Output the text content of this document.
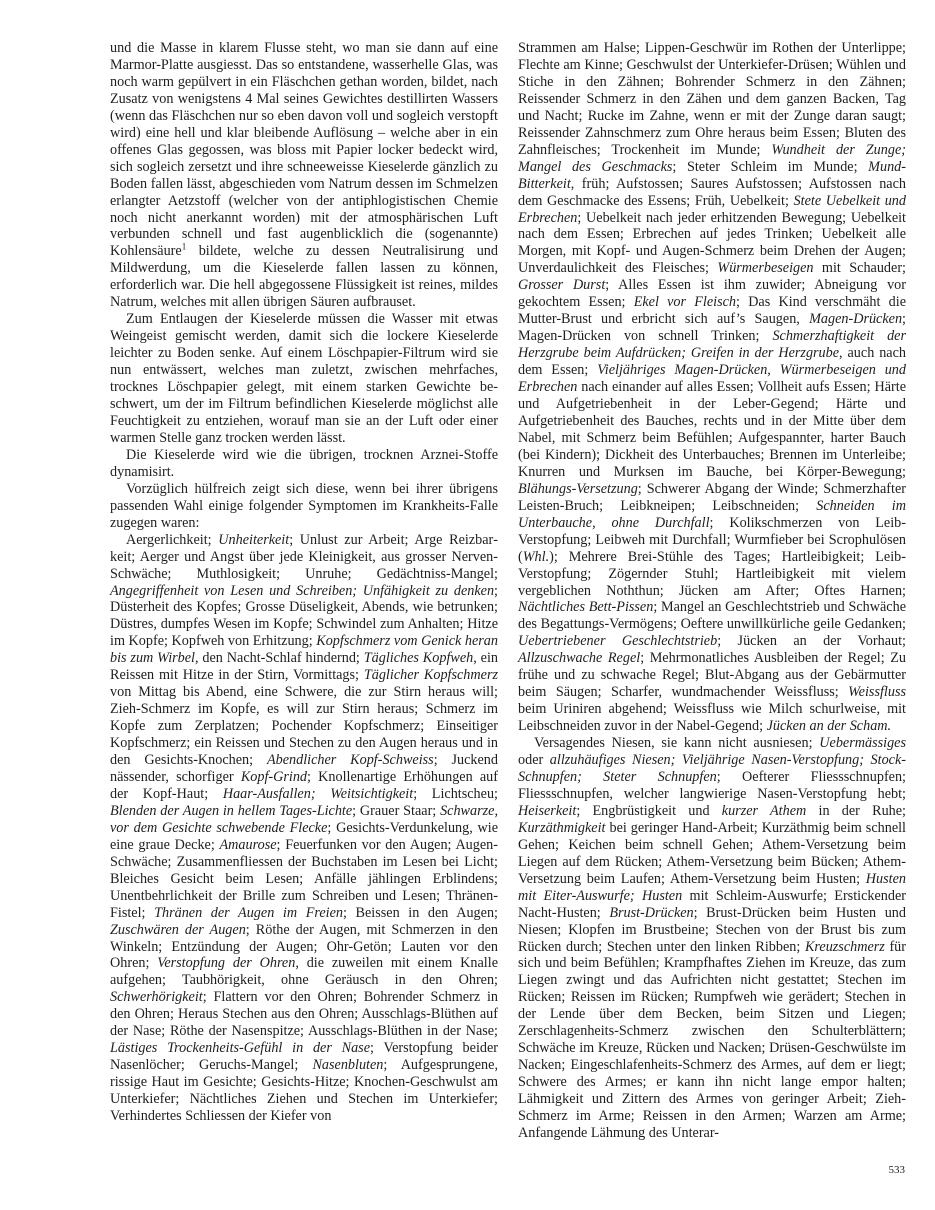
und die Masse in klarem Flusse steht, wo man sie dann auf eine Marmor-Platte ausgiesst. Das so entstandene, wasserhelle Glas, was noch warm gepülvert in ein Fläschchen gethan worden, bildet, nach Zusatz von wenigstens 4 Mal seines Gewichtes destillirten Wassers (wenn das Fläschchen nur so eben davon voll und sogleich verstopft wird) eine hell und klar bleibende Auflösung – welche aber in ein offenes Glas gegossen, was bloss mit Papier locker bedeckt wird, sich sogleich zersetzt und ihre schneeweisse Kieselerde gänzlich zu Boden fallen lässt, abgeschieden vom Natrum dessen im Schmelzen erlangter Aetzstoff (welcher von der antiphlogistischen Chemie noch nicht anerkannt worden) mit der atmosphärischen Luft verbunden schnell und fast augenblicklich die (sogenannte) Kohlensäure$^1$ bildete, welche zu dessen Neutralisirung und Mildwerdung, um die Kieselerde fallen lassen zu können, erforderlich war. Die hell abgegossene Flüssigkeit ist reines, mildes Natrum, welches mit allen übrigen Säuren aufbrauset.

Zum Entlaugen der Kieselerde müssen die Wasser mit etwas Weingeist gemischt werden, damit sich die lockere Kieselerde leichter zu Boden senke. Auf einem Löschpapier-Filtrum wird sie nun entwässert, welches man zuletzt, zwischen mehrfaches, trocknes Löschpapier gelegt, mit einem starken Gewichte beschwert, um der im Filtrum befindlichen Kieselerde möglichst alle Feuchtigkeit zu entziehen, worauf man sie an der Luft oder einer warmen Stelle ganz trocken werden lässt.

Die Kieselerde wird wie die übrigen, trocknen Arznei-Stoffe dynamisirt.

Vorzüglich hülfreich zeigt sich diese, wenn bei ihrer übrigens passenden Wahl einige folgender Symptomen im Krankheits-Falle zugegen waren:

Aergerlichkeit; Unheiterkeit; Unlust zur Arbeit; Arge Reizbarkeit; Aerger und Angst über jede Kleinigkeit, aus grosser Nerven-Schwäche; Muthlosigkeit; Unruhe; Gedächtniss-Mangel; Angegriffenheit von Lesen und Schreiben; Unfähigkeit zu denken; Düsterheit des Kopfes; Grosse Düseligkeit, Abends, wie betrunken; Düstres, dumpfes Wesen im Kopfe; Schwindel zum Anhalten; Hitze im Kopfe; Kopfweh von Erhitzung; Kopfschmerz vom Genick heran bis zum Wirbel, den Nacht-Schlaf hindernd; Tägliches Kopfweh, ein Reissen mit Hitze in der Stirn, Vormittags; Täglicher Kopfschmerz von Mittag bis Abend, eine Schwere, die zur Stirn heraus will; Zieh-Schmerz im Kopfe, es will zur Stirn heraus; Schmerz im Kopfe zum Zerplatzen; Pochender Kopfschmerz; Einseitiger Kopfschmerz; ein Reissen und Stechen zu den Augen heraus und in den Gesichts-Knochen; Abendlicher Kopf-Schweiss; Juckend nässender, schorfiger Kopf-Grind; Knollenartige Erhöhungen auf der Kopf-Haut; Haar-Ausfallen; Weitsichtigkeit; Lichtscheu; Blenden der Augen in hellem Tages-Lichte; Grauer Staar; Schwarze, vor dem Gesichte schwebende Flecke; Gesichts-Verdunkelung, wie eine graue Decke; Amaurose; Feuerfunken vor den Augen; Augen-Schwäche; Zusammenfliessen der Buchstaben im Lesen bei Licht; Bleiches Gesicht beim Lesen; Anfälle jählingen Erblindens; Unentbehrlichkeit der Brille zum Schreiben und Lesen; Thränen-Fistel; Thränen der Augen im Freien; Beissen in den Augen; Zuschwären der Augen; Röthe der Augen, mit Schmerzen in den Winkeln; Entzündung der Augen; Ohr-Getön; Lauten vor den Ohren; Verstopfung der Ohren, die zuweilen mit einem Knalle aufgehen; Taubhörigkeit, ohne Geräusch in den Ohren; Schwerhörigkeit; Flattern vor den Ohren; Bohrender Schmerz in den Ohren; Heraus Stechen aus den Ohren; Ausschlags-Blüthen auf der Nase; Röthe der Nasenspitze; Ausschlags-Blüthen in der Nase; Lästiges Trockenheits-Gefühl in der Nase; Verstopfung beider Nasenlöcher; Geruchs-Mangel; Nasenbluten; Aufgesprungene, rissige Haut im Gesichte; Gesichts-Hitze; Knochen-Geschwulst am Unterkiefer; Nächtliches Ziehen und Stechen im Unterkiefer; Verhindertes Schliessen der Kiefer von

Strammen am Halse; Lippen-Geschwür im Rothen der Unterlippe; Flechte am Kinne; Geschwulst der Unterkiefer-Drüsen; Wühlen und Stiche in den Zähnen; Bohrender Schmerz in den Zähnen; Reissender Schmerz in den Zähen und dem ganzen Backen, Tag und Nacht; Rucke im Zahne, wenn er mit der Zunge daran saugt; Reissender Zahnschmerz zum Ohre heraus beim Essen; Bluten des Zahnfleisches; Trockenheit im Munde; Wundheit der Zunge; Mangel des Geschmacks; Steter Schleim im Munde; Mund-Bitterkeit, früh; Aufstossen; Saures Aufstossen; Aufstossen nach dem Geschmacke des Essens; Früh, Uebelkeit; Stete Uebelkeit und Erbrechen; Uebelkeit nach jeder erhitzenden Bewegung; Uebelkeit nach dem Essen; Erbrechen auf jedes Trinken; Uebelkeit alle Morgen, mit Kopf- und Augen-Schmerz beim Drehen der Augen; Unverdaulichkeit des Fleisches; Würmerbeseigen mit Schauder; Grosser Durst; Alles Essen ist ihm zuwider; Abneigung vor gekochtem Essen; Ekel vor Fleisch; Das Kind verschmäht die Mutter-Brust und erbricht sich auf’s Saugen, Magen-Drücken; Magen-Drücken von schnell Trinken; Schmerzhaftigkeit der Herzgrube beim Aufdrücken; Greifen in der Herzgrube, auch nach dem Essen; Vieljähriges Magen-Drücken, Würmerbeseigen und Erbrechen nach einander auf alles Essen; Vollheit aufs Essen; Härte und Aufgetriebenheit in der Leber-Gegend; Härte und Aufgetriebenheit des Bauches, rechts und in der Mitte über dem Nabel, mit Schmerz beim Befühlen; Aufgespannter, harter Bauch (bei Kindern); Dickheit des Unterbauches; Brennen im Unterleibe; Knurren und Murksen im Bauche, bei Körper-Bewegung; Blähungs-Versetzung; Schwerer Abgang der Winde; Schmerzhafter Leisten-Bruch; Leibkneipen; Leibschneiden; Schneiden im Unterbauche, ohne Durchfall; Kolikschmerzen von Leib-Verstopfung; Leibweh mit Durchfall; Wurmfieber bei Scrophulösen (Whl.); Mehrere Brei-Stühle des Tages; Hartleibigkeit; Leib-Verstopfung; Zögernder Stuhl; Hartleibigkeit mit vielem vergeblichen Noththun; Jücken am After; Oftes Harnen; Nächtliches Bett-Pissen; Mangel an Geschlechtstrieb und Schwäche des Begattungs-Vermögens; Oeftere unwillkürliche geile Gedanken; Uebertriebener Geschlechtstrieb; Jücken an der Vorhaut; Allzuschwache Regel; Mehrmonatliches Ausbleiben der Regel; Zu frühe und zu schwache Regel; Blut-Abgang aus der Gebärmutter beim Säugen; Scharfer, wundmachender Weissfluss; Weissfluss beim Uriniren abgehend; Weissfluss wie Milch schurlweise, mit Leibschneiden zuvor in der Nabel-Gegend; Jücken an der Scham.

Versagendes Niesen, sie kann nicht ausniesen; Uebermässiges oder allzuhäufiges Niesen; Vieljährige Nasen-Verstopfung; Stock-Schnupfen; Steter Schnupfen; Oefterer Fliessschnupfen; Fliessschnupfen, welcher langwierige Nasen-Verstopfung hebt; Heiserkeit; Engbrüstigkeit und kurzer Athem in der Ruhe; Kurzäthmigkeit bei geringer Hand-Arbeit; Kurzäthmig beim schnell Gehen; Keichen beim schnell Gehen; Athem-Versetzung beim Liegen auf dem Rücken; Athem-Versetzung beim Bücken; Athem-Versetzung beim Laufen; Athem-Versetzung beim Husten; Husten mit Eiter-Auswurfe; Husten mit Schleim-Auswurfe; Erstickender Nacht-Husten; Brust-Drücken; Brust-Drücken beim Husten und Niesen; Klopfen im Brustbeine; Stechen von der Brust bis zum Rücken durch; Stechen unter den linken Ribben; Kreuzschmerz für sich und beim Befühlen; Krampfhaftes Ziehen im Kreuze, das zum Liegen zwingt und das Aufrichten nicht gestattet; Stechen im Rücken; Reissen im Rücken; Rumpfweh wie gerädert; Stechen in der Lende über dem Becken, beim Sitzen und Liegen; Zerschlagenheits-Schmerz zwischen den Schulterblättern; Schwäche im Kreuze, Rücken und Nacken; Drüsen-Geschwülste im Nacken; Eingeschlafenheits-Schmerz des Armes, auf dem er liegt; Schwere des Armes; er kann ihn nicht lange empor halten; Lähmigkeit und Zittern des Armes von geringer Arbeit; Zieh-Schmerz im Arme; Reissen in den Armen; Warzen am Arme; Anfangende Lähmung des Unterar-

533
